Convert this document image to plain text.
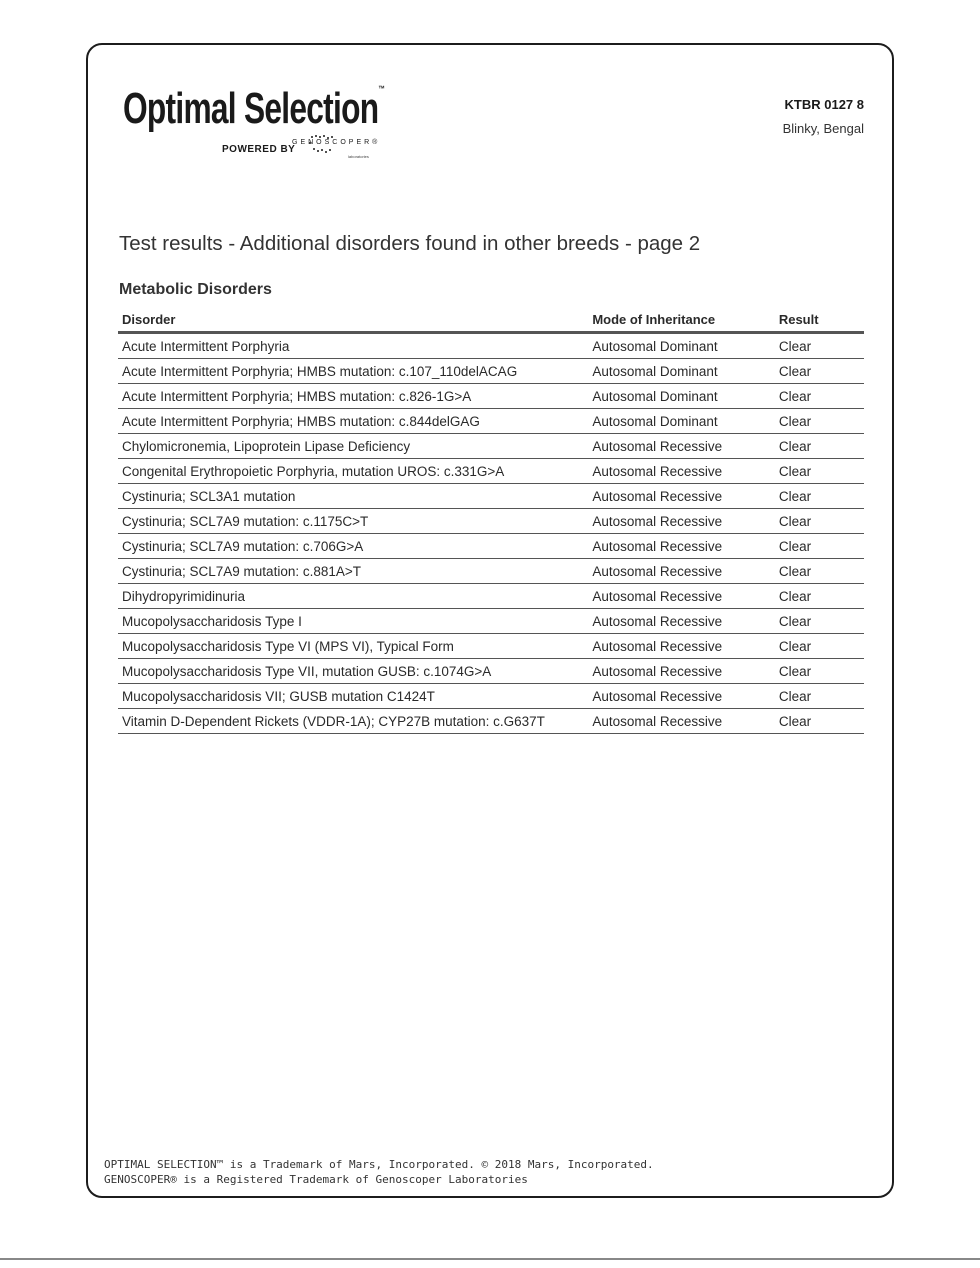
Optimal Selection™
POWERED BY
GENOSCOPER®
laboratories
KTBR 0127 8
Blinky, Bengal
Test results - Additional disorders found in other breeds - page 2
Metabolic Disorders
Disorder	Mode of Inheritance	Result
Acute Intermittent Porphyria	Autosomal Dominant	Clear
Acute Intermittent Porphyria; HMBS mutation: c.107_110delACAG	Autosomal Dominant	Clear
Acute Intermittent Porphyria; HMBS mutation: c.826-1G>A	Autosomal Dominant	Clear
Acute Intermittent Porphyria; HMBS mutation: c.844delGAG	Autosomal Dominant	Clear
Chylomicronemia, Lipoprotein Lipase Deficiency	Autosomal Recessive	Clear
Congenital Erythropoietic Porphyria, mutation UROS: c.331G>A	Autosomal Recessive	Clear
Cystinuria; SCL3A1 mutation	Autosomal Recessive	Clear
Cystinuria; SCL7A9 mutation: c.1175C>T	Autosomal Recessive	Clear
Cystinuria; SCL7A9 mutation: c.706G>A	Autosomal Recessive	Clear
Cystinuria; SCL7A9 mutation: c.881A>T	Autosomal Recessive	Clear
Dihydropyrimidinuria	Autosomal Recessive	Clear
Mucopolysaccharidosis Type I	Autosomal Recessive	Clear
Mucopolysaccharidosis Type VI (MPS VI), Typical Form	Autosomal Recessive	Clear
Mucopolysaccharidosis Type VII, mutation GUSB: c.1074G>A	Autosomal Recessive	Clear
Mucopolysaccharidosis VII; GUSB mutation C1424T	Autosomal Recessive	Clear
Vitamin D-Dependent Rickets (VDDR-1A); CYP27B mutation: c.G637T	Autosomal Recessive	Clear
OPTIMAL SELECTION™ is a Trademark of Mars, Incorporated. © 2018 Mars, Incorporated.
GENOSCOPER® is a Registered Trademark of Genoscoper Laboratories
